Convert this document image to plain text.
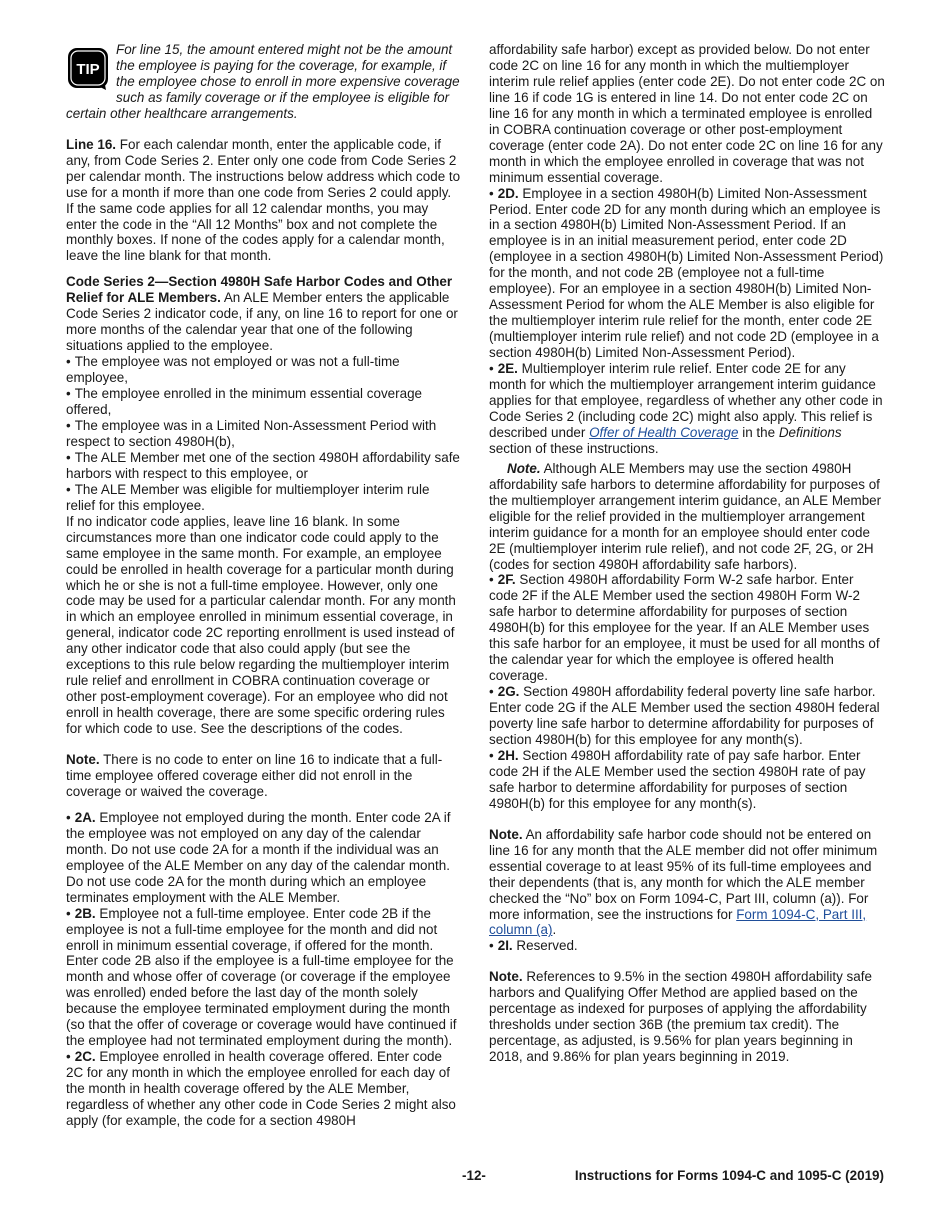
TIP

For line 15, the amount entered might not be the amount the employee is paying for the coverage, for example, if the employee chose to enroll in more expensive coverage such as family coverage or if the employee is eligible for certain other healthcare arrangements.

Line 16. For each calendar month, enter the applicable code, if any, from Code Series 2. Enter only one code from Code Series 2 per calendar month. The instructions below address which code to use for a month if more than one code from Series 2 could apply. If the same code applies for all 12 calendar months, you may enter the code in the “All 12 Months” box and not complete the monthly boxes. If none of the codes apply for a calendar month, leave the line blank for that month.

Code Series 2—Section 4980H Safe Harbor Codes and Other Relief for ALE Members. An ALE Member enters the applicable Code Series 2 indicator code, if any, on line 16 to report for one or more months of the calendar year that one of the following situations applied to the employee.

• The employee was not employed or was not a full-time employee,

• The employee enrolled in the minimum essential coverage offered,

• The employee was in a Limited Non-Assessment Period with respect to section 4980H(b),

• The ALE Member met one of the section 4980H affordability safe harbors with respect to this employee, or

• The ALE Member was eligible for multiemployer interim rule relief for this employee.

If no indicator code applies, leave line 16 blank. In some circumstances more than one indicator code could apply to the same employee in the same month. For example, an employee could be enrolled in health coverage for a particular month during which he or she is not a full-time employee. However, only one code may be used for a particular calendar month. For any month in which an employee enrolled in minimum essential coverage, in general, indicator code 2C reporting enrollment is used instead of any other indicator code that also could apply (but see the exceptions to this rule below regarding the multiemployer interim rule relief and enrollment in COBRA continuation coverage or other post-employment coverage). For an employee who did not enroll in health coverage, there are some specific ordering rules for which code to use. See the descriptions of the codes.

Note. There is no code to enter on line 16 to indicate that a full-time employee offered coverage either did not enroll in the coverage or waived the coverage.

• 2A. Employee not employed during the month. Enter code 2A if the employee was not employed on any day of the calendar month. Do not use code 2A for a month if the individual was an employee of the ALE Member on any day of the calendar month. Do not use code 2A for the month during which an employee terminates employment with the ALE Member.

• 2B. Employee not a full-time employee. Enter code 2B if the employee is not a full-time employee for the month and did not enroll in minimum essential coverage, if offered for the month. Enter code 2B also if the employee is a full-time employee for the month and whose offer of coverage (or coverage if the employee was enrolled) ended before the last day of the month solely because the employee terminated employment during the month (so that the offer of coverage or coverage would have continued if the employee had not terminated employment during the month).

• 2C. Employee enrolled in health coverage offered. Enter code 2C for any month in which the employee enrolled for each day of the month in health coverage offered by the ALE Member, regardless of whether any other code in Code Series 2 might also apply (for example, the code for a section 4980H

affordability safe harbor) except as provided below. Do not enter code 2C on line 16 for any month in which the multiemployer interim rule relief applies (enter code 2E). Do not enter code 2C on line 16 if code 1G is entered in line 14. Do not enter code 2C on line 16 for any month in which a terminated employee is enrolled in COBRA continuation coverage or other post-employment coverage (enter code 2A). Do not enter code 2C on line 16 for any month in which the employee enrolled in coverage that was not minimum essential coverage.

• 2D. Employee in a section 4980H(b) Limited Non-Assessment Period. Enter code 2D for any month during which an employee is in a section 4980H(b) Limited Non-Assessment Period. If an employee is in an initial measurement period, enter code 2D (employee in a section 4980H(b) Limited Non-Assessment Period) for the month, and not code 2B (employee not a full-time employee). For an employee in a section 4980H(b) Limited Non-Assessment Period for whom the ALE Member is also eligible for the multiemployer interim rule relief for the month, enter code 2E (multiemployer interim rule relief) and not code 2D (employee in a section 4980H(b) Limited Non-Assessment Period).

• 2E. Multiemployer interim rule relief. Enter code 2E for any month for which the multiemployer arrangement interim guidance applies for that employee, regardless of whether any other code in Code Series 2 (including code 2C) might also apply. This relief is described under Offer of Health Coverage in the Definitions section of these instructions.

Note. Although ALE Members may use the section 4980H affordability safe harbors to determine affordability for purposes of the multiemployer arrangement interim guidance, an ALE Member eligible for the relief provided in the multiemployer arrangement interim guidance for a month for an employee should enter code 2E (multiemployer interim rule relief), and not code 2F, 2G, or 2H (codes for section 4980H affordability safe harbors).

• 2F. Section 4980H affordability Form W-2 safe harbor. Enter code 2F if the ALE Member used the section 4980H Form W-2 safe harbor to determine affordability for purposes of section 4980H(b) for this employee for the year. If an ALE Member uses this safe harbor for an employee, it must be used for all months of the calendar year for which the employee is offered health coverage.

• 2G. Section 4980H affordability federal poverty line safe harbor. Enter code 2G if the ALE Member used the section 4980H federal poverty line safe harbor to determine affordability for purposes of section 4980H(b) for this employee for any month(s).

• 2H. Section 4980H affordability rate of pay safe harbor. Enter code 2H if the ALE Member used the section 4980H rate of pay safe harbor to determine affordability for purposes of section 4980H(b) for this employee for any month(s).

Note. An affordability safe harbor code should not be entered on line 16 for any month that the ALE member did not offer minimum essential coverage to at least 95% of its full-time employees and their dependents (that is, any month for which the ALE member checked the “No” box on Form 1094-C, Part III, column (a)). For more information, see the instructions for Form 1094-C, Part III, column (a).

• 2I. Reserved.

Note. References to 9.5% in the section 4980H affordability safe harbors and Qualifying Offer Method are applied based on the percentage as indexed for purposes of applying the affordability thresholds under section 36B (the premium tax credit). The percentage, as adjusted, is 9.56% for plan years beginning in 2018, and 9.86% for plan years beginning in 2019.

-12-	Instructions for Forms 1094-C and 1095-C (2019)
